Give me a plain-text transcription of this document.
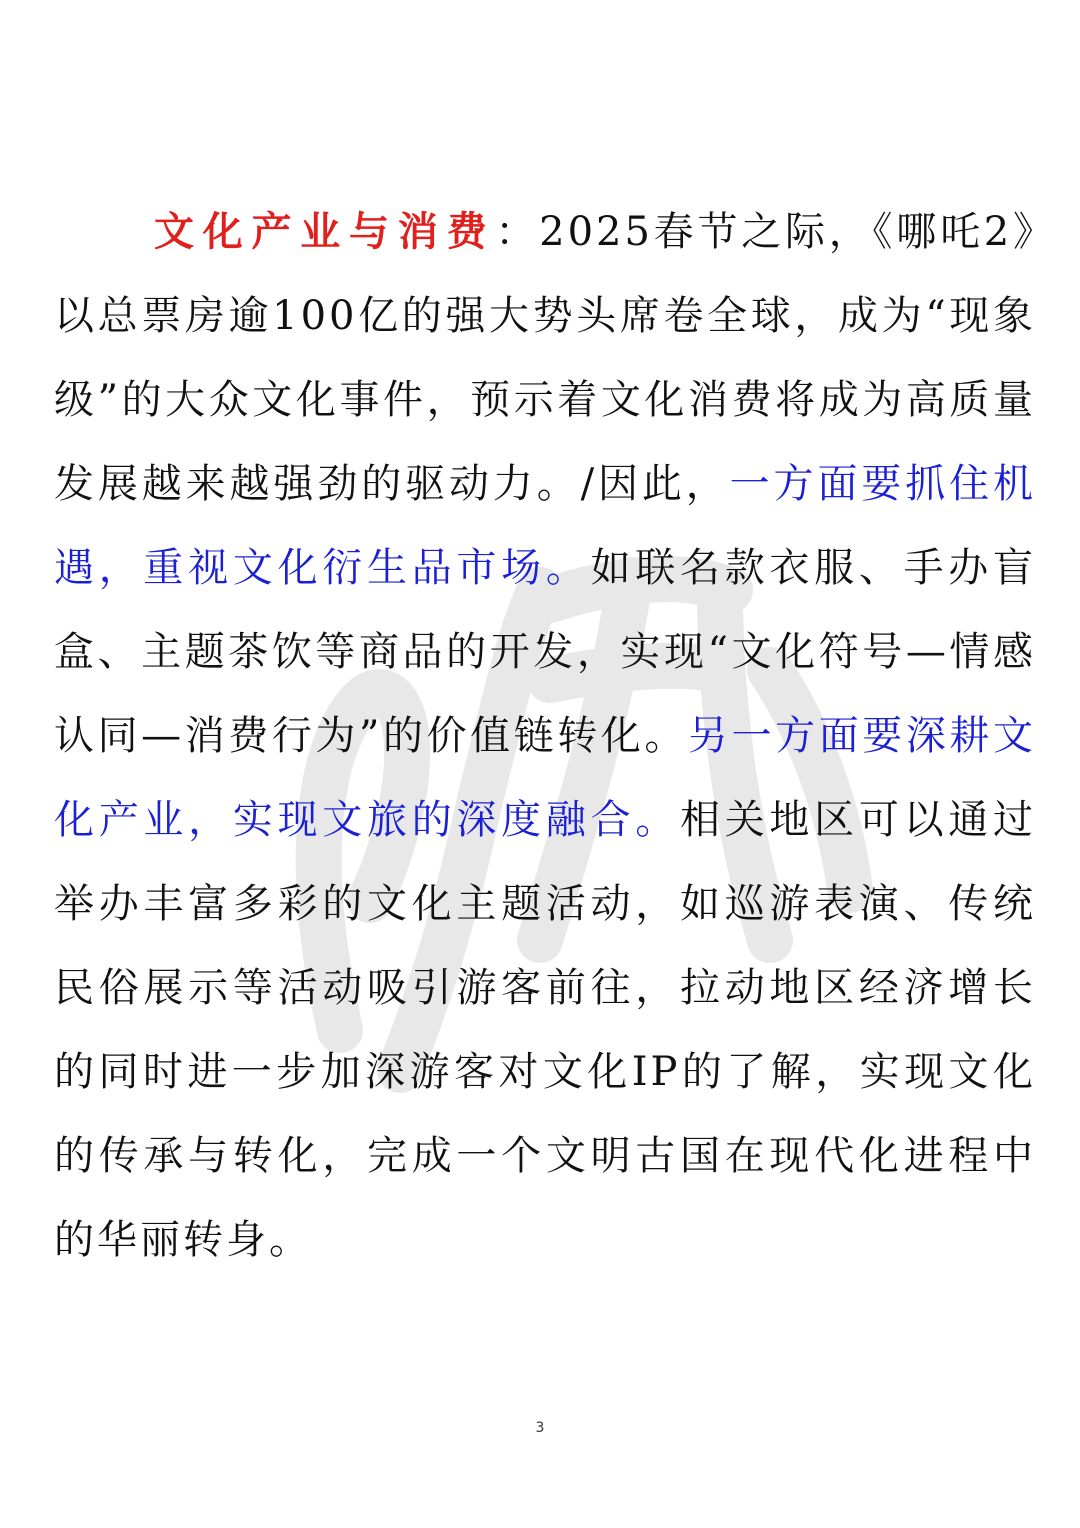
文化产业与消费：2025春节之际，《哪吒2》以总票房逾100亿的强大势头席卷全球，成为“现象级”的大众文化事件，预示着文化消费将成为高质量发展越来越强劲的驱动力。/因此，一方面要抓住机遇，重视文化衍生品市场。如联名款衣服、手办盲盒、主题茶饮等商品的开发，实现“文化符号—情感认同—消费行为”的价值链转化。另一方面要深耕文化产业，实现文旅的深度融合。相关地区可以通过举办丰富多彩的文化主题活动，如巡游表演、传统民俗展示等活动吸引游客前往，拉动地区经济增长的同时进一步加深游客对文化IP的了解，实现文化的传承与转化，完成一个文明古国在现代化进程中的华丽转身。

3
